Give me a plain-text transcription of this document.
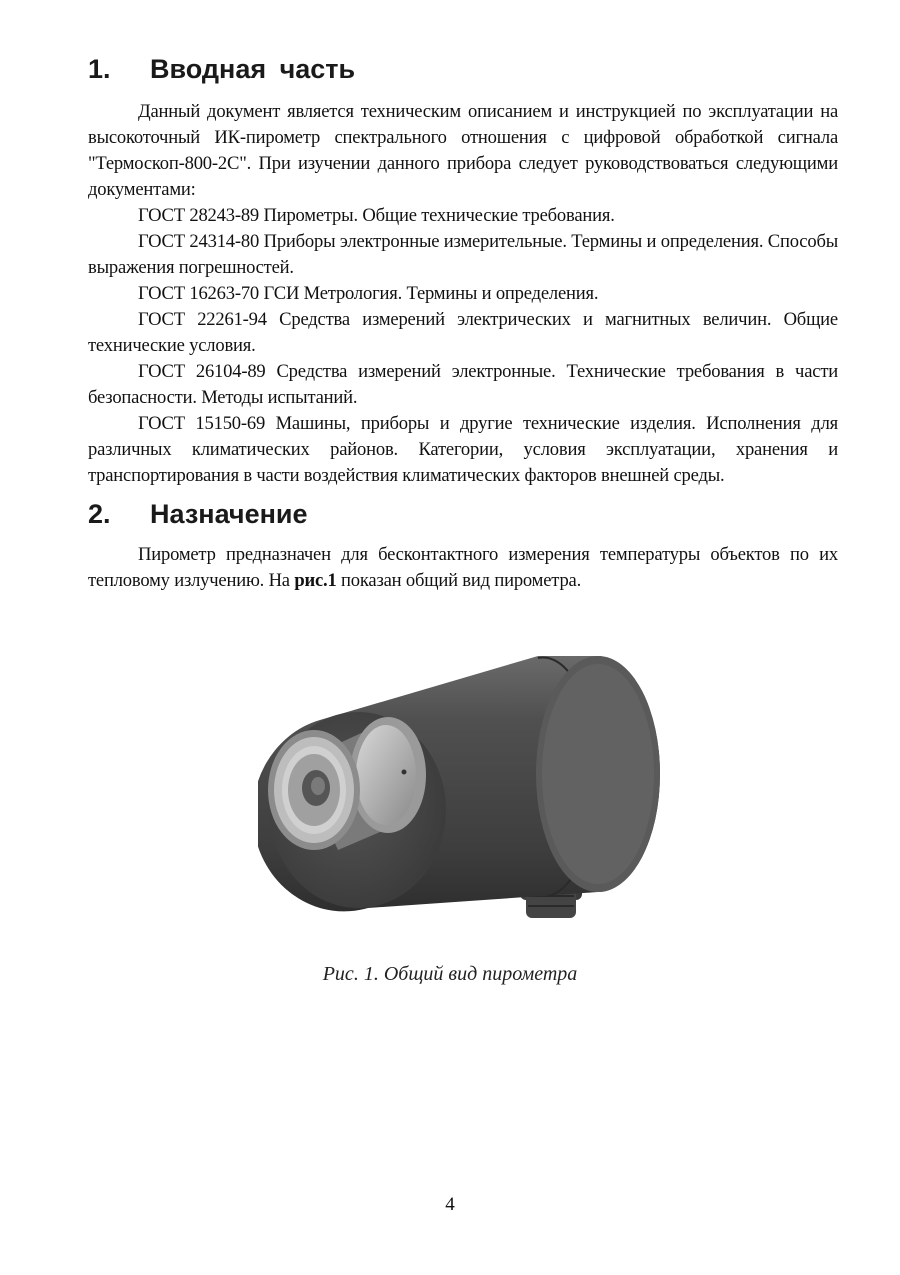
1. Вводная часть

Данный документ является техническим описанием и инструкцией по эксплуатации на высокоточный ИК-пирометр спектрального отношения с цифровой обработкой сигнала "Термоскоп-800-2С". При изучении данного прибора следует руководствоваться следующими документами:

ГОСТ 28243-89 Пирометры. Общие технические требования.

ГОСТ 24314-80 Приборы электронные измерительные. Термины и определения. Способы выражения погрешностей.

ГОСТ 16263-70 ГСИ Метрология. Термины и определения.

ГОСТ 22261-94 Средства измерений электрических и магнитных величин. Общие технические условия.

ГОСТ 26104-89 Средства измерений электронные. Технические требования в части безопасности. Методы испытаний.

ГОСТ 15150-69 Машины, приборы и другие технические изделия. Исполнения для различных климатических районов. Категории, условия эксплуатации, хранения и транспортирования в части воздействия климатических факторов внешней среды.

2. Назначение

Пирометр предназначен для бесконтактного измерения температуры объектов по их тепловому излучению. На рис.1 показан общий вид пирометра.

Рис. 1. Общий вид пирометра
4
